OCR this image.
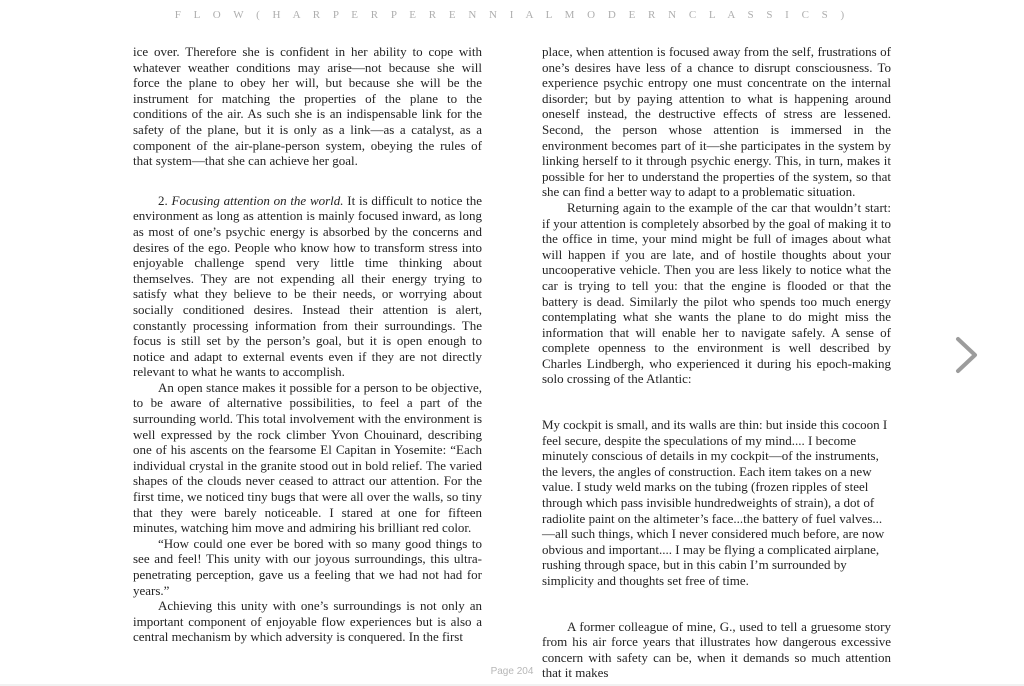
F L O W ( H A R P E R P E R E N N I A L M O D E R N C L A S S I C S )

ice over. Therefore she is confident in her ability to cope with whatever weather conditions may arise—not because she will force the plane to obey her will, but because she will be the instrument for matching the properties of the plane to the conditions of the air. As such she is an indispensable link for the safety of the plane, but it is only as a link—as a catalyst, as a component of the air-plane-person system, obeying the rules of that system—that she can achieve her goal.

2. Focusing attention on the world. It is difficult to notice the environment as long as attention is mainly focused inward, as long as most of one’s psychic energy is absorbed by the concerns and desires of the ego. People who know how to transform stress into enjoyable challenge spend very little time thinking about themselves. They are not expending all their energy trying to satisfy what they believe to be their needs, or worrying about socially conditioned desires. Instead their attention is alert, constantly processing information from their surroundings. The focus is still set by the person’s goal, but it is open enough to notice and adapt to external events even if they are not directly relevant to what he wants to accomplish.

An open stance makes it possible for a person to be objective, to be aware of alternative possibilities, to feel a part of the surrounding world. This total involvement with the environment is well expressed by the rock climber Yvon Chouinard, describing one of his ascents on the fearsome El Capitan in Yosemite: “Each individual crystal in the granite stood out in bold relief. The varied shapes of the clouds never ceased to attract our attention. For the first time, we noticed tiny bugs that were all over the walls, so tiny that they were barely noticeable. I stared at one for fifteen minutes, watching him move and admiring his brilliant red color.

“How could one ever be bored with so many good things to see and feel! This unity with our joyous surroundings, this ultra-penetrating perception, gave us a feeling that we had not had for years.”

Achieving this unity with one’s surroundings is not only an important component of enjoyable flow experiences but is also a central mechanism by which adversity is conquered. In the first

place, when attention is focused away from the self, frustrations of one’s desires have less of a chance to disrupt consciousness. To experience psychic entropy one must concentrate on the internal disorder; but by paying attention to what is happening around oneself instead, the destructive effects of stress are lessened. Second, the person whose attention is immersed in the environment becomes part of it—she participates in the system by linking herself to it through psychic energy. This, in turn, makes it possible for her to understand the properties of the system, so that she can find a better way to adapt to a problematic situation.

Returning again to the example of the car that wouldn’t start: if your attention is completely absorbed by the goal of making it to the office in time, your mind might be full of images about what will happen if you are late, and of hostile thoughts about your uncooperative vehicle. Then you are less likely to notice what the car is trying to tell you: that the engine is flooded or that the battery is dead. Similarly the pilot who spends too much energy contemplating what she wants the plane to do might miss the information that will enable her to navigate safely. A sense of complete openness to the environment is well described by Charles Lindbergh, who experienced it during his epoch-making solo crossing of the Atlantic:

My cockpit is small, and its walls are thin: but inside this cocoon I feel secure, despite the speculations of my mind.... I become minutely conscious of details in my cockpit—of the instruments, the levers, the angles of construction. Each item takes on a new value. I study weld marks on the tubing (frozen ripples of steel through which pass invisible hundredweights of strain), a dot of radiolite paint on the altimeter’s face...the battery of fuel valves...—all such things, which I never considered much before, are now obvious and important.... I may be flying a complicated airplane, rushing through space, but in this cabin I’m surrounded by simplicity and thoughts set free of time.

A former colleague of mine, G., used to tell a gruesome story from his air force years that illustrates how dangerous excessive concern with safety can be, when it demands so much attention that it makes

Page 204
